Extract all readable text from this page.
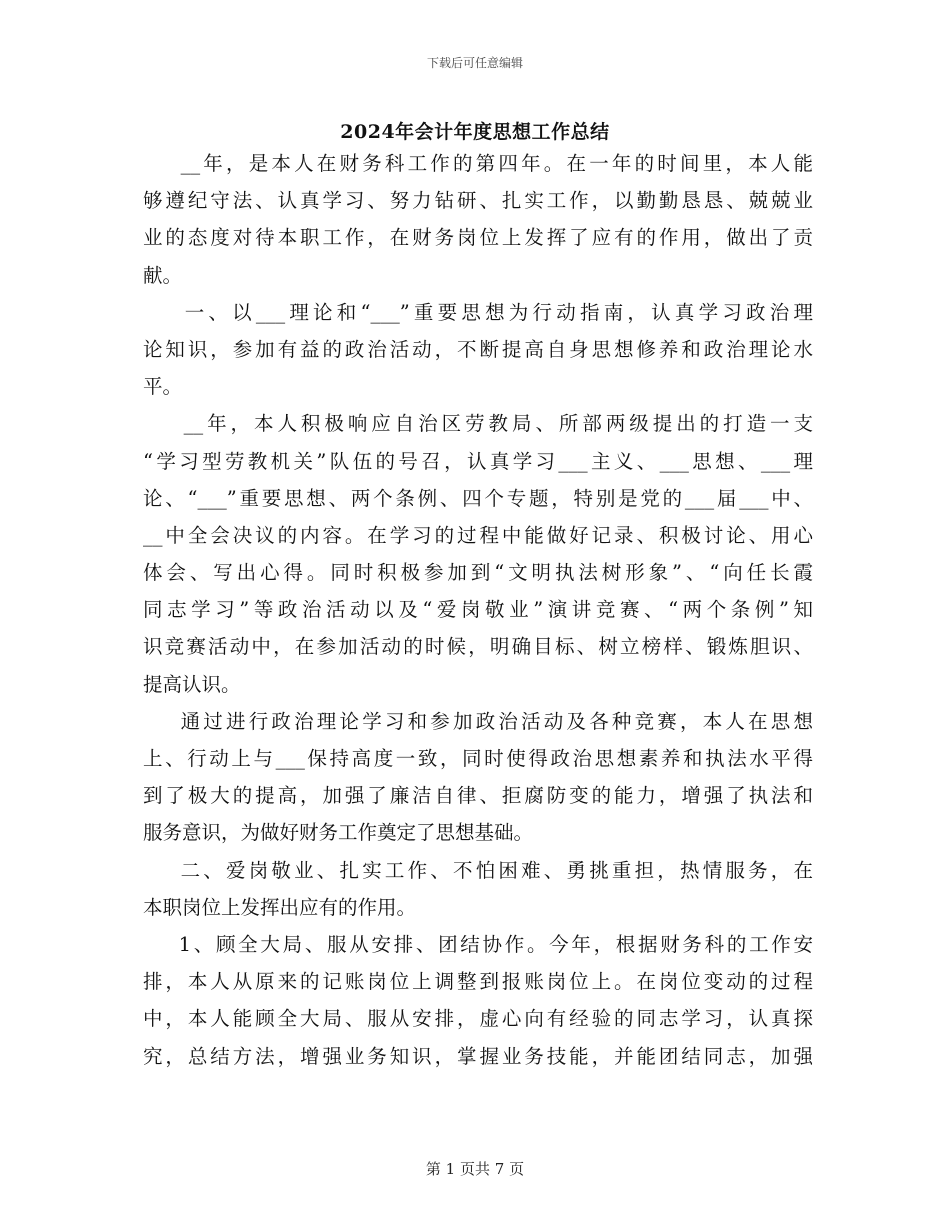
下载后可任意编辑
2024年会计年度思想工作总结
__年，是本人在财务科工作的第四年。在一年的时间里，本人能
够遵纪守法、认真学习、努力钻研、扎实工作，以勤勤恳恳、兢兢业
业的态度对待本职工作，在财务岗位上发挥了应有的作用，做出了贡
献。
一、以___理论和“___”重要思想为行动指南，认真学习政治理
论知识，参加有益的政治活动，不断提高自身思想修养和政治理论水
平。
__年，本人积极响应自治区劳教局、所部两级提出的打造一支
“学习型劳教机关”队伍的号召，认真学习___主义、___思想、___理
论、“___”重要思想、两个条例、四个专题，特别是党的___届___中、
__中全会决议的内容。在学习的过程中能做好记录、积极讨论、用心
体会、写出心得。同时积极参加到“文明执法树形象”、“向任长霞
同志学习”等政治活动以及“爱岗敬业”演讲竞赛、“两个条例”知
识竞赛活动中，在参加活动的时候，明确目标、树立榜样、锻炼胆识、
提高认识。
通过进行政治理论学习和参加政治活动及各种竞赛，本人在思想
上、行动上与___保持高度一致，同时使得政治思想素养和执法水平得
到了极大的提高，加强了廉洁自律、拒腐防变的能力，增强了执法和
服务意识，为做好财务工作奠定了思想基础。
二、爱岗敬业、扎实工作、不怕困难、勇挑重担，热情服务，在
本职岗位上发挥出应有的作用。
1、顾全大局、服从安排、团结协作。今年，根据财务科的工作安
排，本人从原来的记账岗位上调整到报账岗位上。在岗位变动的过程
中，本人能顾全大局、服从安排，虚心向有经验的同志学习，认真探
究，总结方法，增强业务知识，掌握业务技能，并能团结同志，加强
第 1 页共 7 页
